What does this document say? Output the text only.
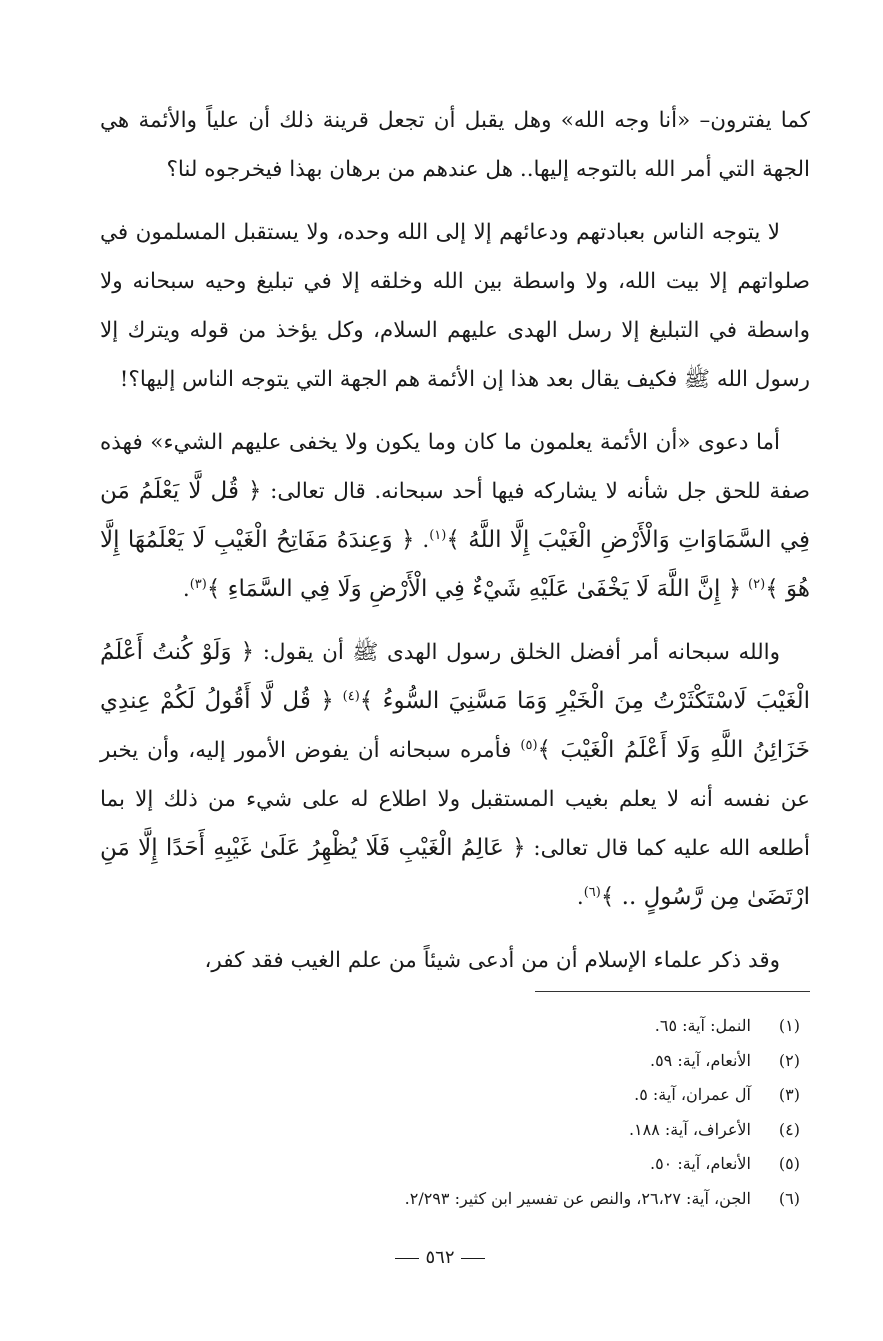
كما يفترون– «أنا وجه الله» وهل يقبل أن تجعل قرينة ذلك أن علياً والأئمة هي الجهة التي أمر الله بالتوجه إليها.. هل عندهم من برهان بهذا فيخرجوه لنا؟

لا يتوجه الناس بعبادتهم ودعائهم إلا إلى الله وحده، ولا يستقبل المسلمون في صلواتهم إلا بيت الله، ولا واسطة بين الله وخلقه إلا في تبليغ وحيه سبحانه ولا واسطة في التبليغ إلا رسل الهدى عليهم السلام، وكل يؤخذ من قوله ويترك إلا رسول الله ﷺ فكيف يقال بعد هذا إن الأئمة هم الجهة التي يتوجه الناس إليها؟!

أما دعوى «أن الأئمة يعلمون ما كان وما يكون ولا يخفى عليهم الشيء» فهذه صفة للحق جل شأنه لا يشاركه فيها أحد سبحانه. قال تعالى: ﴿ قُل لَّا يَعْلَمُ مَن فِي السَّمَاوَاتِ وَالْأَرْضِ الْغَيْبَ إِلَّا اللَّهُ ﴾$^{(١)}$. ﴿ وَعِندَهُ مَفَاتِحُ الْغَيْبِ لَا يَعْلَمُهَا إِلَّا هُوَ ﴾$^{(٢)}$ ﴿ إِنَّ اللَّهَ لَا يَخْفَىٰ عَلَيْهِ شَيْءٌ فِي الْأَرْضِ وَلَا فِي السَّمَاءِ ﴾$^{(٣)}$.

والله سبحانه أمر أفضل الخلق رسول الهدى ﷺ أن يقول: ﴿ وَلَوْ كُنتُ أَعْلَمُ الْغَيْبَ لَاسْتَكْثَرْتُ مِنَ الْخَيْرِ وَمَا مَسَّنِيَ السُّوءُ ﴾$^{(٤)}$ ﴿ قُل لَّا أَقُولُ لَكُمْ عِندِي خَزَائِنُ اللَّهِ وَلَا أَعْلَمُ الْغَيْبَ ﴾$^{(٥)}$ فأمره سبحانه أن يفوض الأمور إليه، وأن يخبر عن نفسه أنه لا يعلم بغيب المستقبل ولا اطلاع له على شيء من ذلك إلا بما أطلعه الله عليه كما قال تعالى: ﴿ عَالِمُ الْغَيْبِ فَلَا يُظْهِرُ عَلَىٰ غَيْبِهِ أَحَدًا إِلَّا مَنِ ارْتَضَىٰ مِن رَّسُولٍ .. ﴾$^{(٦)}$.

وقد ذكر علماء الإسلام أن من أدعى شيئاً من علم الغيب فقد كفر،

(١)
النمل: آية: ٦٥.
(٢)
الأنعام، آية: ٥٩.
(٣)
آل عمران، آية: ٥.
(٤)
الأعراف، آية: ١٨٨.
(٥)
الأنعام، آية: ٥٠.
(٦)
الجن، آية: ٢٦،٢٧، والنص عن تفسير ابن كثير: ٢/٢٩٣.
٥٦٢
